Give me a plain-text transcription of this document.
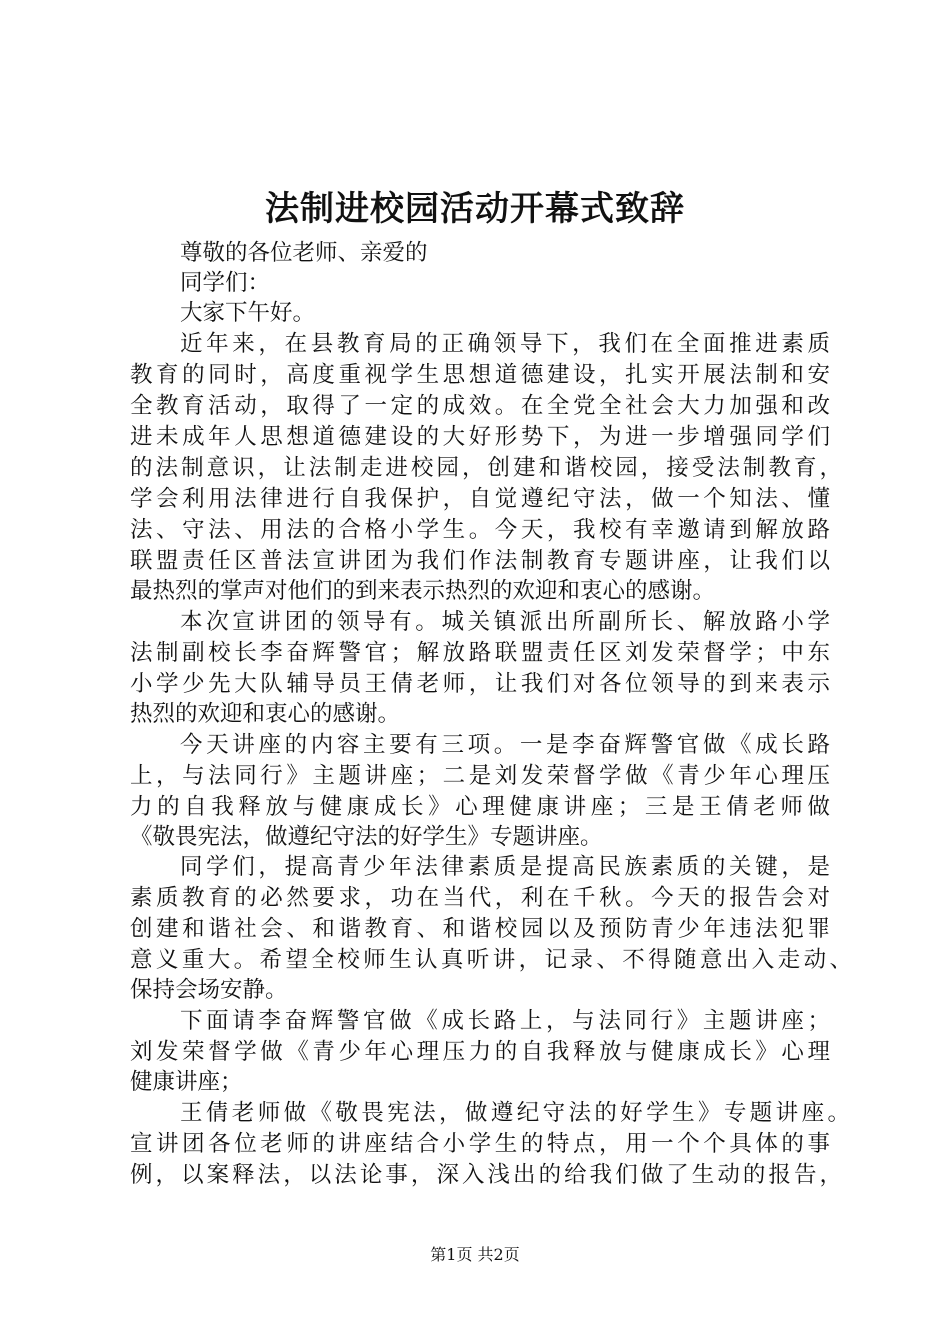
法制进校园活动开幕式致辞

尊敬的各位老师、亲爱的

同学们：

大家下午好。

近年来，在县教育局的正确领导下，我们在全面推进素质

教育的同时，高度重视学生思想道德建设，扎实开展法制和安

全教育活动，取得了一定的成效。在全党全社会大力加强和改

进未成年人思想道德建设的大好形势下，为进一步增强同学们

的法制意识，让法制走进校园，创建和谐校园，接受法制教育，

学会利用法律进行自我保护，自觉遵纪守法，做一个知法、懂

法、守法、用法的合格小学生。今天，我校有幸邀请到解放路

联盟责任区普法宣讲团为我们作法制教育专题讲座，让我们以

最热烈的掌声对他们的到来表示热烈的欢迎和衷心的感谢。

本次宣讲团的领导有。城关镇派出所副所长、解放路小学

法制副校长李奋辉警官；解放路联盟责任区刘发荣督学；中东

小学少先大队辅导员王倩老师，让我们对各位领导的到来表示

热烈的欢迎和衷心的感谢。

今天讲座的内容主要有三项。一是李奋辉警官做《成长路

上，与法同行》主题讲座；二是刘发荣督学做《青少年心理压

力的自我释放与健康成长》心理健康讲座；三是王倩老师做

《敬畏宪法，做遵纪守法的好学生》专题讲座。

同学们，提高青少年法律素质是提高民族素质的关键，是

素质教育的必然要求，功在当代，利在千秋。今天的报告会对

创建和谐社会、和谐教育、和谐校园以及预防青少年违法犯罪

意义重大。希望全校师生认真听讲，记录、不得随意出入走动、

保持会场安静。

下面请李奋辉警官做《成长路上，与法同行》主题讲座；

刘发荣督学做《青少年心理压力的自我释放与健康成长》心理

健康讲座；

王倩老师做《敬畏宪法，做遵纪守法的好学生》专题讲座。

宣讲团各位老师的讲座结合小学生的特点，用一个个具体的事

例，以案释法，以法论事，深入浅出的给我们做了生动的报告，

第1页 共2页
